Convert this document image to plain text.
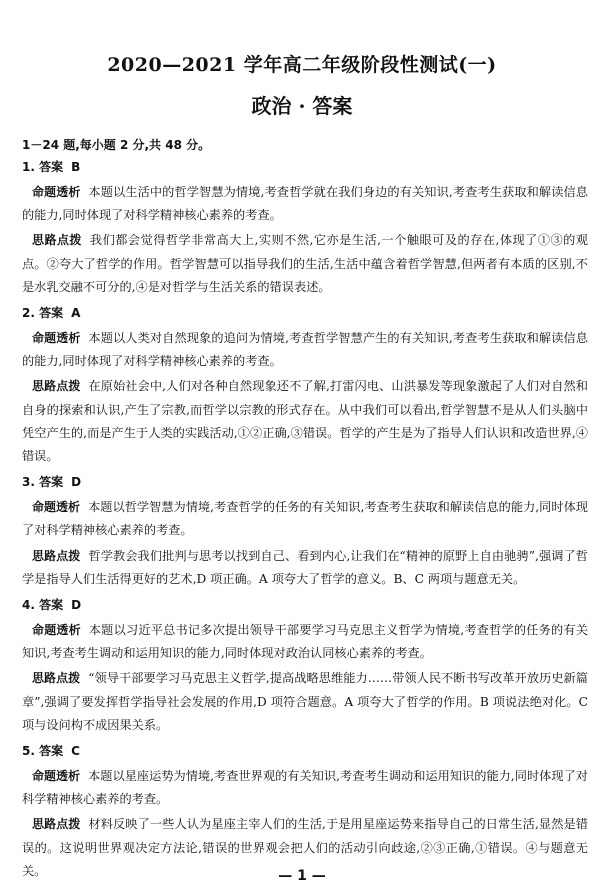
2020—2021 学年高二年级阶段性测试(一)
政治 · 答案
1－24 题,每小题 2 分,共 48 分。
1. 答案 B

命题透析 本题以生活中的哲学智慧为情境,考查哲学就在我们身边的有关知识,考查考生获取和解读信息的能力,同时体现了对科学精神核心素养的考查。

思路点拨 我们都会觉得哲学非常高大上,实则不然,它亦是生活,一个触眼可及的存在,体现了①③的观点。②夸大了哲学的作用。哲学智慧可以指导我们的生活,生活中蕴含着哲学智慧,但两者有本质的区别,不是水乳交融不可分的,④是对哲学与生活关系的错误表述。

2. 答案 A

命题透析 本题以人类对自然现象的追问为情境,考查哲学智慧产生的有关知识,考查考生获取和解读信息的能力,同时体现了对科学精神核心素养的考查。

思路点拨 在原始社会中,人们对各种自然现象还不了解,打雷闪电、山洪暴发等现象激起了人们对自然和自身的探索和认识,产生了宗教,而哲学以宗教的形式存在。从中我们可以看出,哲学智慧不是从人们头脑中凭空产生的,而是产生于人类的实践活动,①②正确,③错误。哲学的产生是为了指导人们认识和改造世界,④错误。

3. 答案 D

命题透析 本题以哲学智慧为情境,考查哲学的任务的有关知识,考查考生获取和解读信息的能力,同时体现了对科学精神核心素养的考查。

思路点拨 哲学教会我们批判与思考以找到自己、看到内心,让我们在“精神的原野上自由驰骋”,强调了哲学是指导人们生活得更好的艺术,D 项正确。A 项夸大了哲学的意义。B、C 两项与题意无关。

4. 答案 D

命题透析 本题以习近平总书记多次提出领导干部要学习马克思主义哲学为情境,考查哲学的任务的有关知识,考查考生调动和运用知识的能力,同时体现对政治认同核心素养的考查。

思路点拨 “领导干部要学习马克思主义哲学,提高战略思维能力……带领人民不断书写改革开放历史新篇章”,强调了要发挥哲学指导社会发展的作用,D 项符合题意。A 项夸大了哲学的作用。B 项说法绝对化。C 项与设问构不成因果关系。

5. 答案 C

命题透析 本题以星座运势为情境,考查世界观的有关知识,考查考生调动和运用知识的能力,同时体现了对科学精神核心素养的考查。

思路点拨 材料反映了一些人认为星座主宰人们的生活,于是用星座运势来指导自己的日常生活,显然是错误的。这说明世界观决定方法论,错误的世界观会把人们的活动引向歧途,②③正确,①错误。④与题意无关。	— 1 —
